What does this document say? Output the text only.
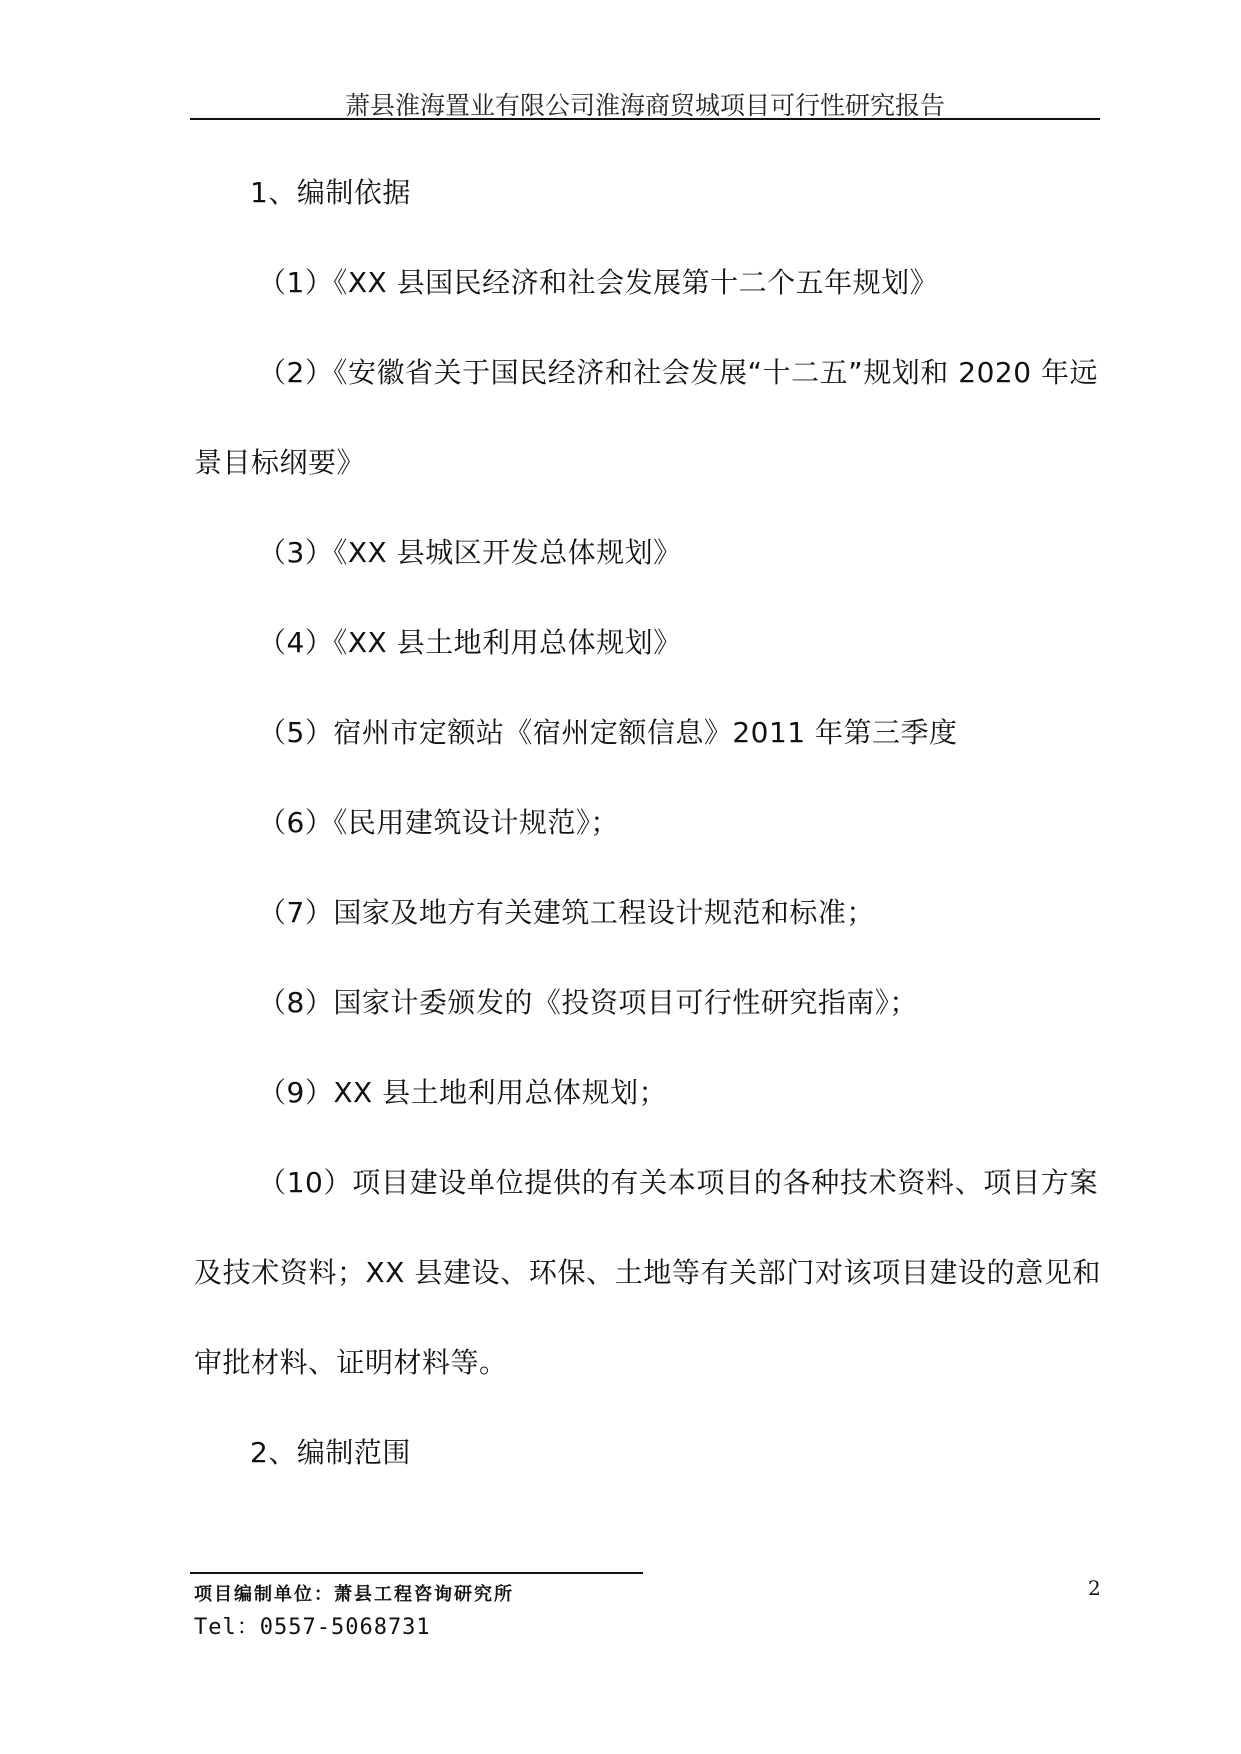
萧县淮海置业有限公司淮海商贸城项目可行性研究报告
1、编制依据
（1）《XX 县国民经济和社会发展第十二个五年规划》
（2）《安徽省关于国民经济和社会发展“十二五”规划和 2020 年远
景目标纲要》
（3）《XX 县城区开发总体规划》
（4）《XX 县土地利用总体规划》
（5）宿州市定额站《宿州定额信息》2011 年第三季度
（6）《民用建筑设计规范》；
（7）国家及地方有关建筑工程设计规范和标准；
（8）国家计委颁发的《投资项目可行性研究指南》；
（9）XX 县土地利用总体规划；
（10）项目建设单位提供的有关本项目的各种技术资料、项目方案
及技术资料；XX 县建设、环保、土地等有关部门对该项目建设的意见和
审批材料、证明材料等。
2、编制范围
项目编制单位：萧县工程咨询研究所
Tel：0557-5068731
2
